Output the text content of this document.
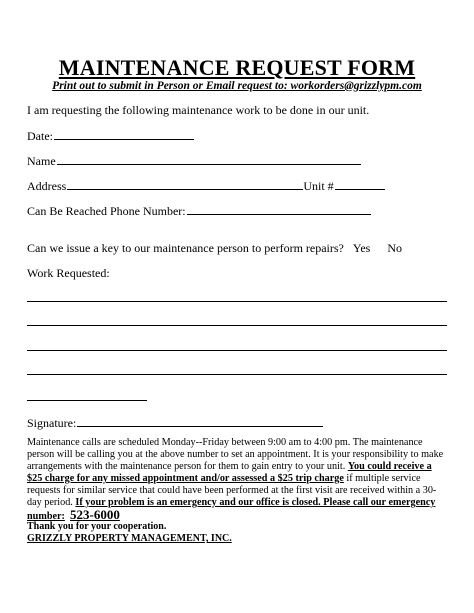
MAINTENANCE REQUEST FORM
Print out to submit in Person or Email request to: workorders@grizzlypm.com
I am requesting the following maintenance work to be done in our unit.
Date:
Name
Address	Unit #
Can Be Reached Phone Number:
Can we issue a key to our maintenance person to perform repairs? Yes No
Work Requested:
Signature:
Maintenance calls are scheduled Monday--Friday between 9:00 am to 4:00 pm. The maintenance person will be calling you at the above number to set an appointment. It is your responsibility to make arrangements with the maintenance person for them to gain entry to your unit. You could receive a $25 charge for any missed appointment and/or assessed a $25 trip charge if multiple service requests for similar service that could have been performed at the first visit are received within a 30-day period. If your problem is an emergency and our office is closed. Please call our emergency number: 523-6000
Thank you for your cooperation.
GRIZZLY PROPERTY MANAGEMENT, INC.
